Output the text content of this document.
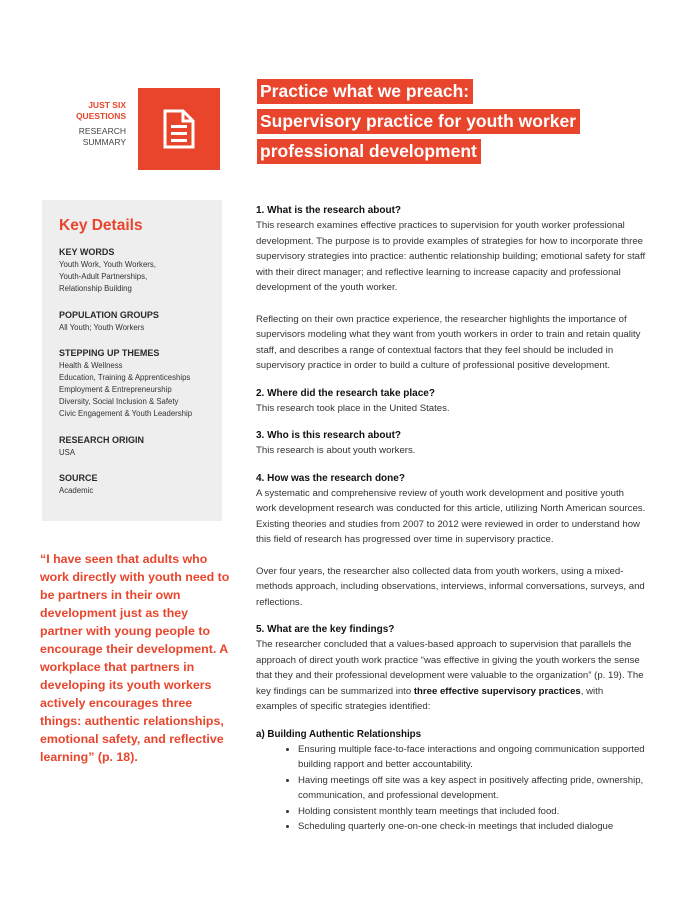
JUST SIX
QUESTIONS
RESEARCH
SUMMARY
Practice what we preach:
Supervisory practice for youth worker
professional development
Key Details
KEY WORDS
Youth Work, Youth Workers,
Youth-Adult Partnerships,
Relationship Building
POPULATION GROUPS
All Youth; Youth Workers
STEPPING UP THEMES
Health & Wellness
Education, Training & Apprenticeships
Employment & Entrepreneurship
Diversity, Social Inclusion & Safety
Civic Engagement & Youth Leadership
RESEARCH ORIGIN
USA
SOURCE
Academic
“I have seen that adults who work directly with youth need to be partners in their own development just as they partner with young people to encourage their development. A workplace that partners in developing its youth workers actively encourages three things: authentic relationships, emotional safety, and reflective learning” (p. 18).
1. What is the research about?

This research examines effective practices to supervision for youth worker professional development. The purpose is to provide examples of strategies for how to incorporate three supervisory strategies into practice: authentic relationship building; emotional safety for staff with their direct manager; and reflective learning to increase capacity and professional development of the youth worker.

Reflecting on their own practice experience, the researcher highlights the importance of supervisors modeling what they want from youth workers in order to train and retain quality staff, and describes a range of contextual factors that they feel should be included in supervisory practice in order to build a culture of professional positive development.

2. Where did the research take place?

This research took place in the United States.

3. Who is this research about?

This research is about youth workers.

4. How was the research done?

A systematic and comprehensive review of youth work development and positive youth work development research was conducted for this article, utilizing North American sources. Existing theories and studies from 2007 to 2012 were reviewed in order to understand how this field of research has progressed over time in supervisory practice.

Over four years, the researcher also collected data from youth workers, using a mixed-methods approach, including observations, interviews, informal conversations, surveys, and reflections.

5. What are the key findings?

The researcher concluded that a values-based approach to supervision that parallels the approach of direct youth work practice “was effective in giving the youth workers the sense that they and their professional development were valuable to the organization” (p. 19). The key findings can be summarized into three effective supervisory practices, with examples of specific strategies identified:

a) Building Authentic Relationships
• Ensuring multiple face-to-face interactions and ongoing communication supported building rapport and better accountability.
• Having meetings off site was a key aspect in positively affecting pride, ownership, communication, and professional development.
• Holding consistent monthly team meetings that included food.
• Scheduling quarterly one-on-one check-in meetings that included dialogue
